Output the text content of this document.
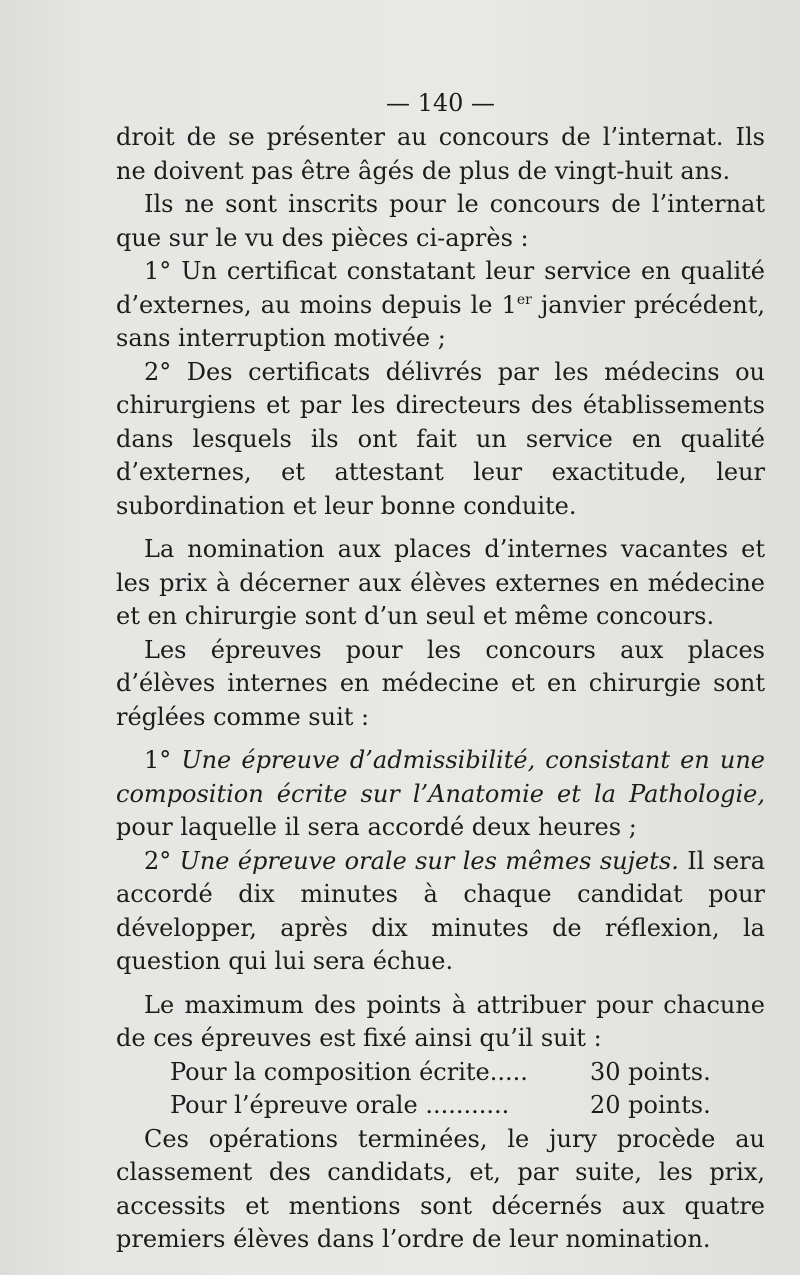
— 140 —

droit de se présenter au concours de l’internat. Ils ne doivent pas être âgés de plus de vingt-huit ans.

Ils ne sont inscrits pour le concours de l’internat que sur le vu des pièces ci-après :

1° Un certificat constatant leur service en qualité d’externes, au moins depuis le 1er janvier précédent, sans interruption motivée ;

2° Des certificats délivrés par les médecins ou chirurgiens et par les directeurs des établissements dans lesquels ils ont fait un service en qualité d’externes, et attestant leur exactitude, leur subordination et leur bonne conduite.

La nomination aux places d’internes vacantes et les prix à décerner aux élèves externes en médecine et en chirurgie sont d’un seul et même concours.

Les épreuves pour les concours aux places d’élèves internes en médecine et en chirurgie sont réglées comme suit :

1° Une épreuve d’admissibilité, consistant en une composition écrite sur l’Anatomie et la Pathologie, pour laquelle il sera accordé deux heures ;

2° Une épreuve orale sur les mêmes sujets. Il sera accordé dix minutes à chaque candidat pour développer, après dix minutes de réflexion, la question qui lui sera échue.

Le maximum des points à attribuer pour chacune de ces épreuves est fixé ainsi qu’il suit :

Pour la composition écrite.....	30 points.
Pour l’épreuve orale ...........	20 points.

Ces opérations terminées, le jury procède au classement des candidats, et, par suite, les prix, accessits et mentions sont décernés aux quatre premiers élèves dans l’ordre de leur nomination.
